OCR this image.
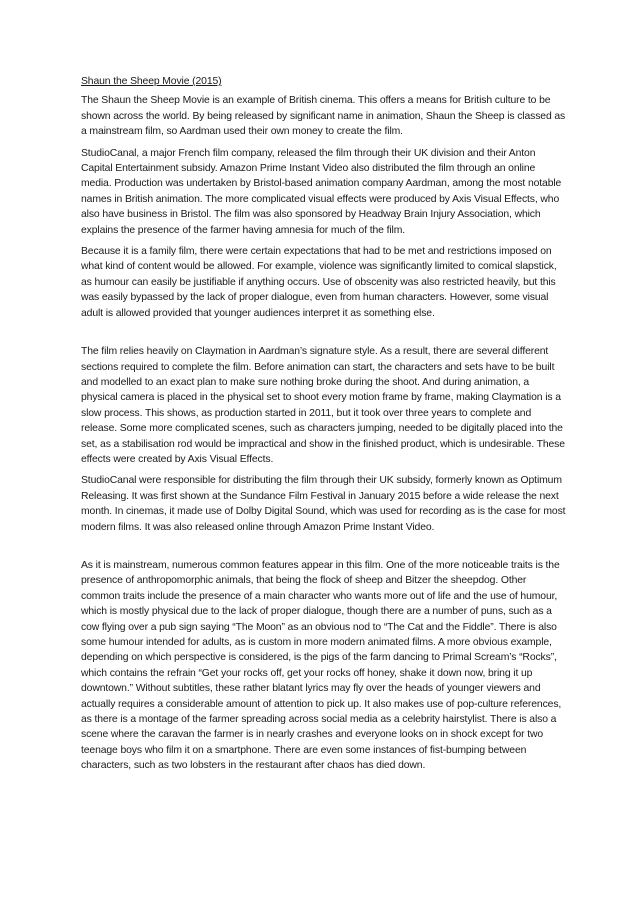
Shaun the Sheep Movie (2015)

The Shaun the Sheep Movie is an example of British cinema. This offers a means for British culture to be shown across the world. By being released by significant name in animation, Shaun the Sheep is classed as a mainstream film, so Aardman used their own money to create the film.

StudioCanal, a major French film company, released the film through their UK division and their Anton Capital Entertainment subsidy. Amazon Prime Instant Video also distributed the film through an online media. Production was undertaken by Bristol-based animation company Aardman, among the most notable names in British animation. The more complicated visual effects were produced by Axis Visual Effects, who also have business in Bristol. The film was also sponsored by Headway Brain Injury Association, which explains the presence of the farmer having amnesia for much of the film.

Because it is a family film, there were certain expectations that had to be met and restrictions imposed on what kind of content would be allowed. For example, violence was significantly limited to comical slapstick, as humour can easily be justifiable if anything occurs. Use of obscenity was also restricted heavily, but this was easily bypassed by the lack of proper dialogue, even from human characters. However, some visual adult is allowed provided that younger audiences interpret it as something else.

The film relies heavily on Claymation in Aardman’s signature style. As a result, there are several different sections required to complete the film. Before animation can start, the characters and sets have to be built and modelled to an exact plan to make sure nothing broke during the shoot. And during animation, a physical camera is placed in the physical set to shoot every motion frame by frame, making Claymation is a slow process. This shows, as production started in 2011, but it took over three years to complete and release. Some more complicated scenes, such as characters jumping, needed to be digitally placed into the set, as a stabilisation rod would be impractical and show in the finished product, which is undesirable. These effects were created by Axis Visual Effects.

StudioCanal were responsible for distributing the film through their UK subsidy, formerly known as Optimum Releasing. It was first shown at the Sundance Film Festival in January 2015 before a wide release the next month. In cinemas, it made use of Dolby Digital Sound, which was used for recording as is the case for most modern films. It was also released online through Amazon Prime Instant Video.

As it is mainstream, numerous common features appear in this film. One of the more noticeable traits is the presence of anthropomorphic animals, that being the flock of sheep and Bitzer the sheepdog. Other common traits include the presence of a main character who wants more out of life and the use of humour, which is mostly physical due to the lack of proper dialogue, though there are a number of puns, such as a cow flying over a pub sign saying “The Moon” as an obvious nod to “The Cat and the Fiddle”. There is also some humour intended for adults, as is custom in more modern animated films. A more obvious example, depending on which perspective is considered, is the pigs of the farm dancing to Primal Scream’s “Rocks”, which contains the refrain “Get your rocks off, get your rocks off honey, shake it down now, bring it up downtown.” Without subtitles, these rather blatant lyrics may fly over the heads of younger viewers and actually requires a considerable amount of attention to pick up. It also makes use of pop-culture references, as there is a montage of the farmer spreading across social media as a celebrity hairstylist. There is also a scene where the caravan the farmer is in nearly crashes and everyone looks on in shock except for two teenage boys who film it on a smartphone. There are even some instances of fist-bumping between characters, such as two lobsters in the restaurant after chaos has died down.
